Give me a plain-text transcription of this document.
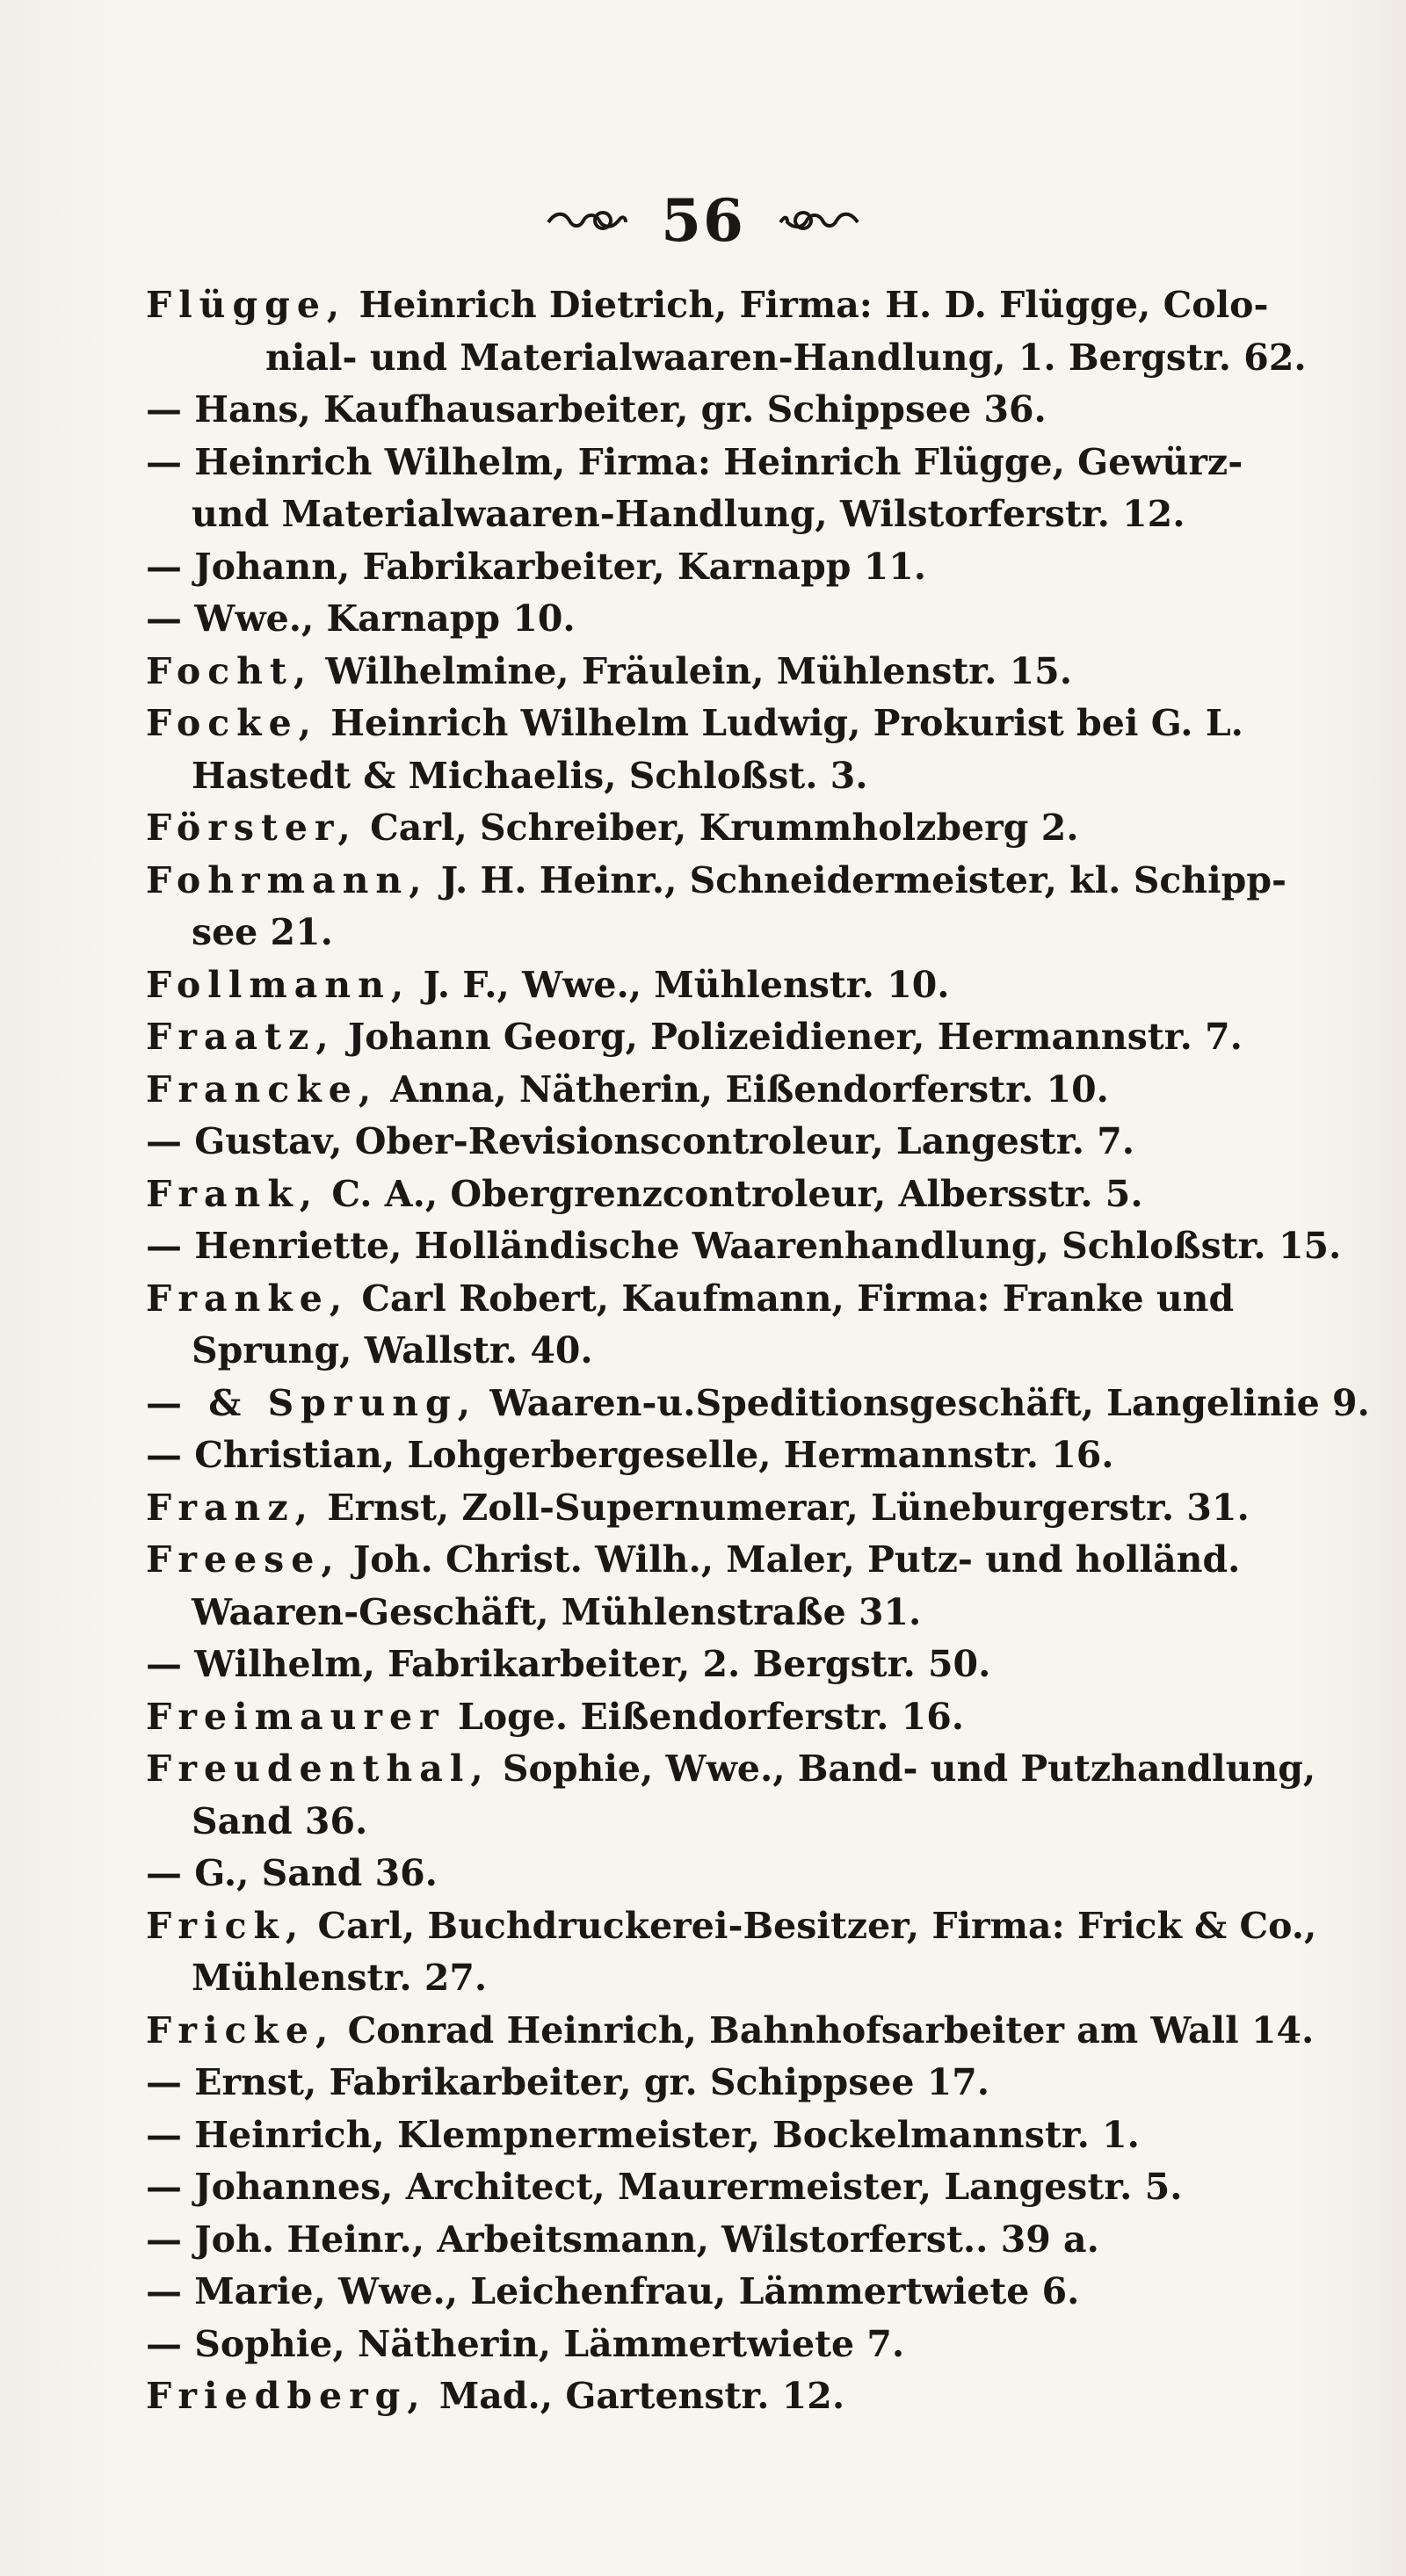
56
Flügge, Heinrich Dietrich, Firma: H. D. Flügge, Colo-
nial- und Materialwaaren-Handlung, 1. Bergstr. 62.
— Hans, Kaufhausarbeiter, gr. Schippsee 36.
— Heinrich Wilhelm, Firma: Heinrich Flügge, Gewürz-
und Materialwaaren-Handlung, Wilstorferstr. 12.
— Johann, Fabrikarbeiter, Karnapp 11.
— Wwe., Karnapp 10.
Focht, Wilhelmine, Fräulein, Mühlenstr. 15.
Focke, Heinrich Wilhelm Ludwig, Prokurist bei G. L.
Hastedt & Michaelis, Schloßst. 3.
Förster, Carl, Schreiber, Krummholzberg 2.
Fohrmann, J. H. Heinr., Schneidermeister, kl. Schipp-
see 21.
Follmann, J. F., Wwe., Mühlenstr. 10.
Fraatz, Johann Georg, Polizeidiener, Hermannstr. 7.
Francke, Anna, Nätherin, Eißendorferstr. 10.
— Gustav, Ober-Revisionscontroleur, Langestr. 7.
Frank, C. A., Obergrenzcontroleur, Albersstr. 5.
— Henriette, Holländische Waarenhandlung, Schloßstr. 15.
Franke, Carl Robert, Kaufmann, Firma: Franke und
Sprung, Wallstr. 40.
— & Sprung, Waaren-u.Speditionsgeschäft, Langelinie 9.
— Christian, Lohgerbergeselle, Hermannstr. 16.
Franz, Ernst, Zoll-Supernumerar, Lüneburgerstr. 31.
Freese, Joh. Christ. Wilh., Maler, Putz- und holländ.
Waaren-Geschäft, Mühlenstraße 31.
— Wilhelm, Fabrikarbeiter, 2. Bergstr. 50.
Freimaurer Loge. Eißendorferstr. 16.
Freudenthal, Sophie, Wwe., Band- und Putzhandlung,
Sand 36.
— G., Sand 36.
Frick, Carl, Buchdruckerei-Besitzer, Firma: Frick & Co.,
Mühlenstr. 27.
Fricke, Conrad Heinrich, Bahnhofsarbeiter am Wall 14.
— Ernst, Fabrikarbeiter, gr. Schippsee 17.
— Heinrich, Klempnermeister, Bockelmannstr. 1.
— Johannes, Architect, Maurermeister, Langestr. 5.
— Joh. Heinr., Arbeitsmann, Wilstorferst.. 39 a.
— Marie, Wwe., Leichenfrau, Lämmertwiete 6.
— Sophie, Nätherin, Lämmertwiete 7.
Friedberg, Mad., Gartenstr. 12.
